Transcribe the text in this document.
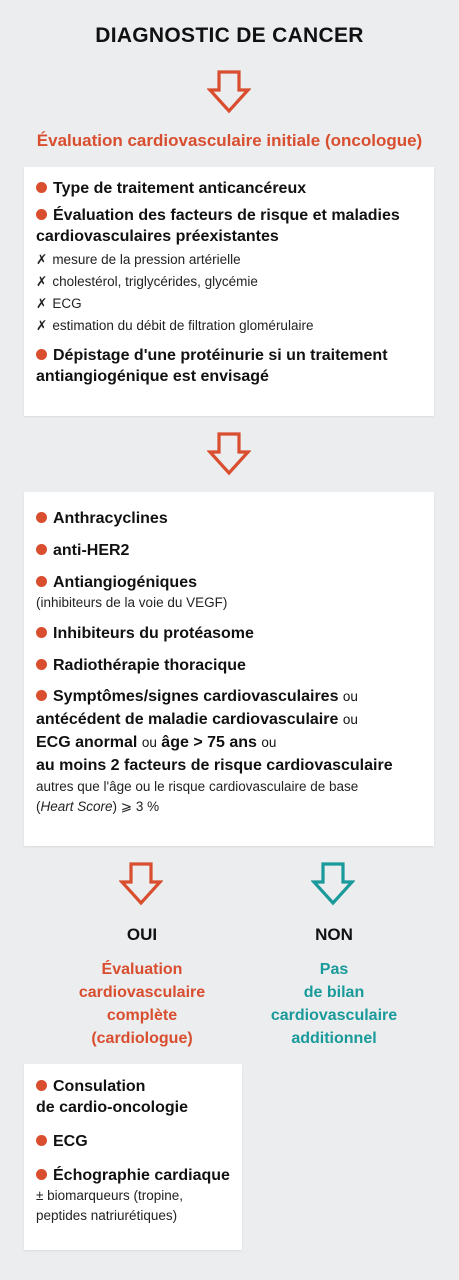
DIAGNOSTIC DE CANCER
Évaluation cardiovasculaire initiale (oncologue)
Type de traitement anticancéreux
Évaluation des facteurs de risque et maladies
cardiovasculaires préexistantes
✗ mesure de la pression artérielle
✗ cholestérol, triglycérides, glycémie
✗ ECG
✗ estimation du débit de filtration glomérulaire
Dépistage d'une protéinurie si un traitement
antiangiogénique est envisagé
Anthracyclines
anti-HER2
Antiangiogéniques
(inhibiteurs de la voie du VEGF)
Inhibiteurs du protéasome
Radiothérapie thoracique
Symptômes/signes cardiovasculaires ou
antécédent de maladie cardiovasculaire ou
ECG anormal ou âge > 75 ans ou
au moins 2 facteurs de risque cardiovasculaire
autres que l'âge ou le risque cardiovasculaire de base
(Heart Score) ⩾ 3 %
OUI	NON
Évaluation
cardiovasculaire
complète
(cardiologue)
Pas
de bilan
cardiovasculaire
additionnel
Consulation
de cardio-oncologie
ECG
Échographie cardiaque
± biomarqueurs (tropine,
peptides natriurétiques)
